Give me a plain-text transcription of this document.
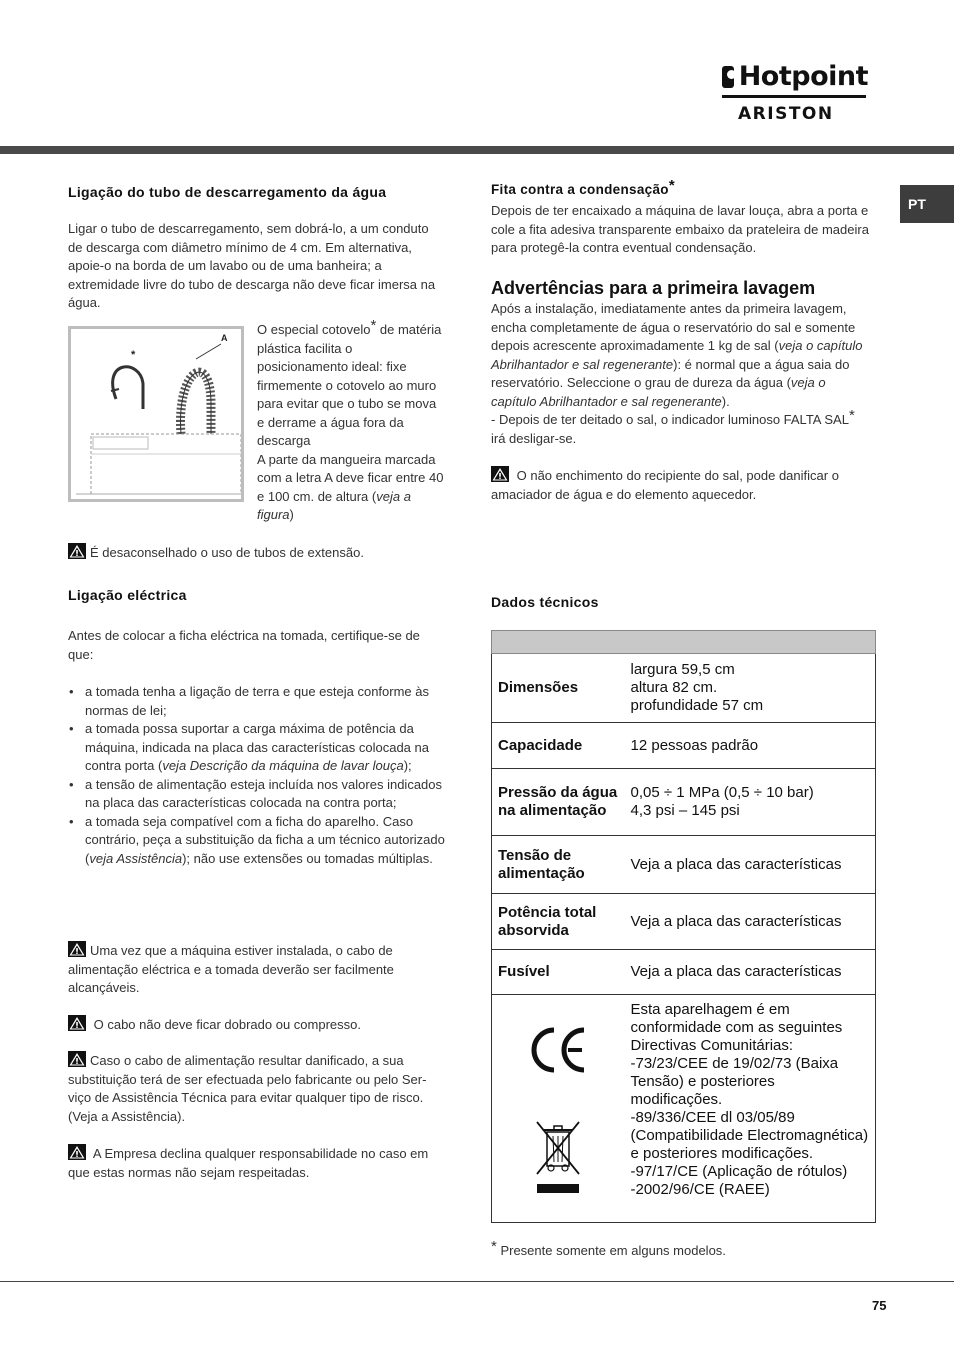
Hotpoint
ARISTON
PT
Ligação do tubo de descarregamento da água
Ligar o tubo de descarregamento, sem dobrá-lo, a um conduto de descarga com diâmetro mínimo de 4 cm. Em alternativa, apoie-o na borda de um lavabo ou de uma banheira; a extremidade livre do tubo de descarga não deve ficar imersa na água.
*
A
O especial cotovelo* de matéria plástica facilita o posicionamento ideal: fixe firmemente o cotovelo ao muro para evitar que o tubo se mova e derrame a água fora da descarga
A parte da mangueira marcada com a letra A deve ficar entre 40 e 100 cm. de altura (veja a figura)
É desaconselhado o uso de tubos de extensão.
Ligação eléctrica
Antes de colocar a ficha eléctrica na tomada, certifique-se de que:
• a tomada tenha a ligação de terra e que esteja conforme às normas de lei;
• a tomada possa suportar a carga máxima de potência da máquina, indicada na placa das características colocada na contra porta (veja Descrição da máquina de lavar louça);
• a tensão de alimentação esteja incluída nos valores indicados na placa das características colocada na contra porta;
• a tomada seja compatível com a ficha do aparelho. Caso contrário, peça a substituição da ficha a um técnico autorizado (veja Assistência); não use extensões ou tomadas múltiplas.
Uma vez que a máquina estiver instalada, o cabo de alimentação eléctrica e a tomada deverão ser facilmente alcançáveis.
O cabo não deve ficar dobrado ou compresso.
Caso o cabo de alimentação resultar danificado, a sua substituição terá de ser efectuada pelo fabricante ou pelo Ser-viço de Assistência Técnica para evitar qualquer tipo de risco. (Veja a Assistência).
A Empresa declina qualquer responsabilidade no caso em que estas normas não sejam respeitadas.
Fita contra a condensação*
Depois de ter encaixado a máquina de lavar louça, abra a porta e cole a fita adesiva transparente embaixo da prateleira de madeira para protegê-la contra eventual condensação.
Advertências para a primeira lavagem
Após a instalação, imediatamente antes da primeira lavagem, encha completamente de água o reservatório do sal e somente depois acrescente aproximadamente 1 kg de sal (veja o capítulo Abrilhantador e sal regenerante): é normal que a água saia do reservatório. Seleccione o grau de dureza da água (veja o capítulo Abrilhantador e sal regenerante).
- Depois de ter deitado o sal, o indicador luminoso FALTA SAL* irá desligar-se.
O não enchimento do recipiente do sal, pode danificar o amaciador de água e do elemento aquecedor.
Dados técnicos

Dimensões	largura 59,5 cm
altura 82 cm.
profundidade 57 cm

Capacidade	12 pessoas padrão

Pressão da água na alimentação	0,05 ÷ 1 MPa (0,5 ÷ 10 bar)
4,3 psi – 145 psi

Tensão de alimentação	Veja a placa das características

Potência total absorvida	Veja a placa das características

Fusível	Veja a placa das características

	Esta aparelhagem é em conformidade com as seguintes Directivas Comunitárias:
-73/23/CEE de 19/02/73 (Baixa Tensão) e posteriores modificações.
-89/336/CEE dl 03/05/89 (Compatibilidade Electromagnética) e posteriores modificações.
-97/17/CE (Aplicação de rótulos)
-2002/96/CE (RAEE)
* Presente somente em alguns modelos.
75
